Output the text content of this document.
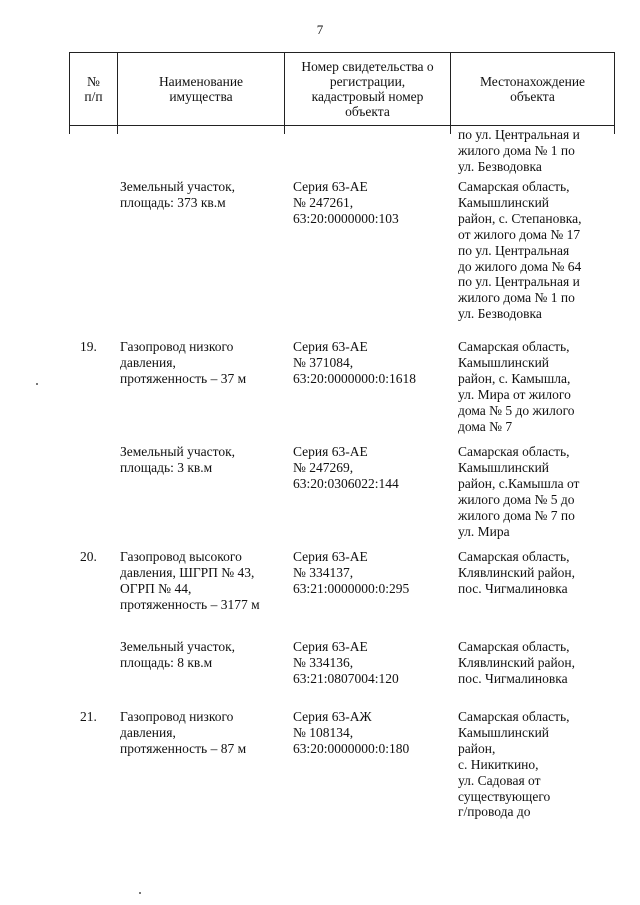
7
№
п/п
Наименование
имущества
Номер свидетельства о
регистрации,
кадастровый номер
объекта
Местонахождение
объекта
по ул. Центральная и
жилого дома № 1 по
ул. Безводовка
Земельный участок,
площадь: 373 кв.м
Серия 63-АЕ
№ 247261,
63:20:0000000:103
Самарская область,
Камышлинский
район, с. Степановка,
от жилого дома № 17
по ул. Центральная
до жилого дома № 64
по ул. Центральная и
жилого дома № 1 по
ул. Безводовка
19. Газопровод низкого
давления,
протяженность – 37 м
Серия 63-АЕ
№ 371084,
63:20:0000000:0:1618
Самарская область,
Камышлинский
район, с. Камышла,
ул. Мира от жилого
дома № 5 до жилого
дома № 7
Земельный участок,
площадь: 3 кв.м
Серия 63-АЕ
№ 247269,
63:20:0306022:144
Самарская область,
Камышлинский
район, с.Камышла от
жилого дома № 5 до
жилого дома № 7 по
ул. Мира
20. Газопровод высокого
давления, ШГРП № 43,
ОГРП № 44,
протяженность – 3177 м
Серия 63-АЕ
№ 334137,
63:21:0000000:0:295
Самарская область,
Клявлинский район,
пос. Чигмалиновка
Земельный участок,
площадь: 8 кв.м
Серия 63-АЕ
№ 334136,
63:21:0807004:120
Самарская область,
Клявлинский район,
пос. Чигмалиновка
21. Газопровод низкого
давления,
протяженность – 87 м
Серия 63-АЖ
№ 108134,
63:20:0000000:0:180
Самарская область,
Камышлинский
район,
с. Никиткино,
ул. Садовая от
существующего
г/провода до
